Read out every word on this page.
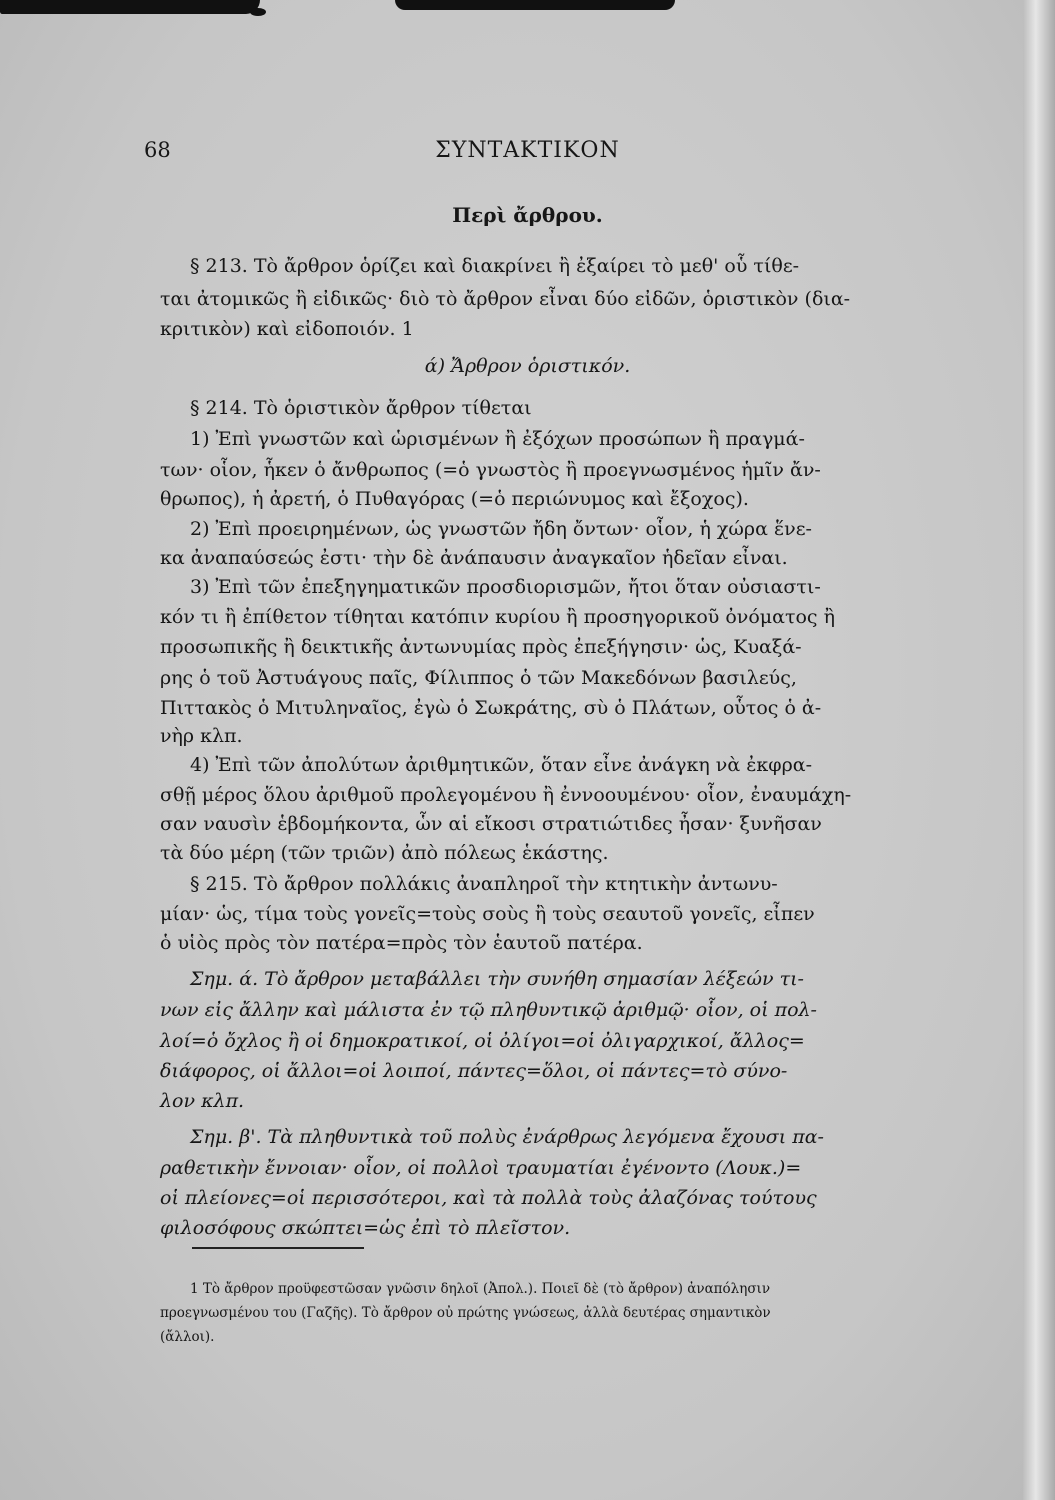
68	ΣΥΝΤΑΚΤΙΚΟΝ
Περὶ ἄρθρου.
§ 213. Τὸ ἄρθρον ὁρίζει καὶ διακρίνει ἢ ἐξαίρει τὸ μεθ' οὗ τίθε-
ται ἀτομικῶς ἢ εἰδικῶς· διὸ τὸ ἄρθρον εἶναι δύο εἰδῶν, ὁριστικὸν (δια-
κριτικὸν) καὶ εἰδοποιόν. 1
ά) Ἄρθρον ὁριστικόν.
§ 214. Τὸ ὁριστικὸν ἄρθρον τίθεται
1) Ἐπὶ γνωστῶν καὶ ὡρισμένων ἢ ἐξόχων προσώπων ἢ πραγμά-
των· οἷον, ἧκεν ὁ ἄνθρωπος (=ὁ γνωστὸς ἢ προεγνωσμένος ἡμῖν ἄν-
θρωπος), ἡ ἀρετή, ὁ Πυθαγόρας (=ὁ περιώνυμος καὶ ἔξοχος).
2) Ἐπὶ προειρημένων, ὡς γνωστῶν ἤδη ὄντων· οἷον, ἡ χώρα ἕνε-
κα ἀναπαύσεώς ἐστι· τὴν δὲ ἀνάπαυσιν ἀναγκαῖον ἡδεῖαν εἶναι.
3) Ἐπὶ τῶν ἐπεξηγηματικῶν προσδιορισμῶν, ἤτοι ὅταν οὐσιαστι-
κόν τι ἢ ἐπίθετον τίθηται κατόπιν κυρίου ἢ προσηγορικοῦ ὀνόματος ἢ
προσωπικῆς ἢ δεικτικῆς ἀντωνυμίας πρὸς ἐπεξήγησιν· ὡς, Κυαξά-
ρης ὁ τοῦ Ἀστυάγους παῖς, Φίλιππος ὁ τῶν Μακεδόνων βασιλεύς,
Πιττακὸς ὁ Μιτυληναῖος, ἐγὼ ὁ Σωκράτης, σὺ ὁ Πλάτων, οὗτος ὁ ἀ-
νὴρ κλπ.
4) Ἐπὶ τῶν ἀπολύτων ἀριθμητικῶν, ὅταν εἶνε ἀνάγκη νὰ ἐκφρα-
σθῇ μέρος ὅλου ἀριθμοῦ προλεγομένου ἢ ἐννοουμένου· οἷον, ἐναυμάχη-
σαν ναυσὶν ἑβδομήκοντα, ὧν αἱ εἴκοσι στρατιώτιδες ἦσαν· ξυνῆσαν
τὰ δύο μέρη (τῶν τριῶν) ἀπὸ πόλεως ἑκάστης.
§ 215. Τὸ ἄρθρον πολλάκις ἀναπληροῖ τὴν κτητικὴν ἀντωνυ-
μίαν· ὡς, τίμα τοὺς γονεῖς=τοὺς σοὺς ἢ τοὺς σεαυτοῦ γονεῖς, εἶπεν
ὁ υἱὸς πρὸς τὸν πατέρα=πρὸς τὸν ἑαυτοῦ πατέρα.
Σημ. ά. Τὸ ἄρθρον μεταβάλλει τὴν συνήθη σημασίαν λέξεών τι-
νων εἰς ἄλλην καὶ μάλιστα ἐν τῷ πληθυντικῷ ἀριθμῷ· οἷον, οἱ πολ-
λοί=ὁ ὄχλος ἢ οἱ δημοκρατικοί, οἱ ὀλίγοι=οἱ ὀλιγαρχικοί, ἄλλος=
διάφορος, οἱ ἄλλοι=οἱ λοιποί, πάντες=ὅλοι, οἱ πάντες=τὸ σύνο-
λον κλπ.
Σημ. β'. Τὰ πληθυντικὰ τοῦ πολὺς ἐνάρθρως λεγόμενα ἔχουσι πα-
ραθετικὴν ἔννοιαν· οἷον, οἱ πολλοὶ τραυματίαι ἐγένοντο (Λουκ.)=
οἱ πλείονες=οἱ περισσότεροι, καὶ τὰ πολλὰ τοὺς ἀλαζόνας τούτους
φιλοσόφους σκώπτει=ὡς ἐπὶ τὸ πλεῖστον.
1 Τὸ ἄρθρον προϋφεστῶσαν γνῶσιν δηλοῖ (Ἀπολ.). Ποιεῖ δὲ (τὸ ἄρθρον) ἀναπόλησιν
προεγνωσμένου του (Γαζῆς). Τὸ ἄρθρον οὐ πρώτης γνώσεως, ἀλλὰ δευτέρας σημαντικὸν
(ἄλλοι).
